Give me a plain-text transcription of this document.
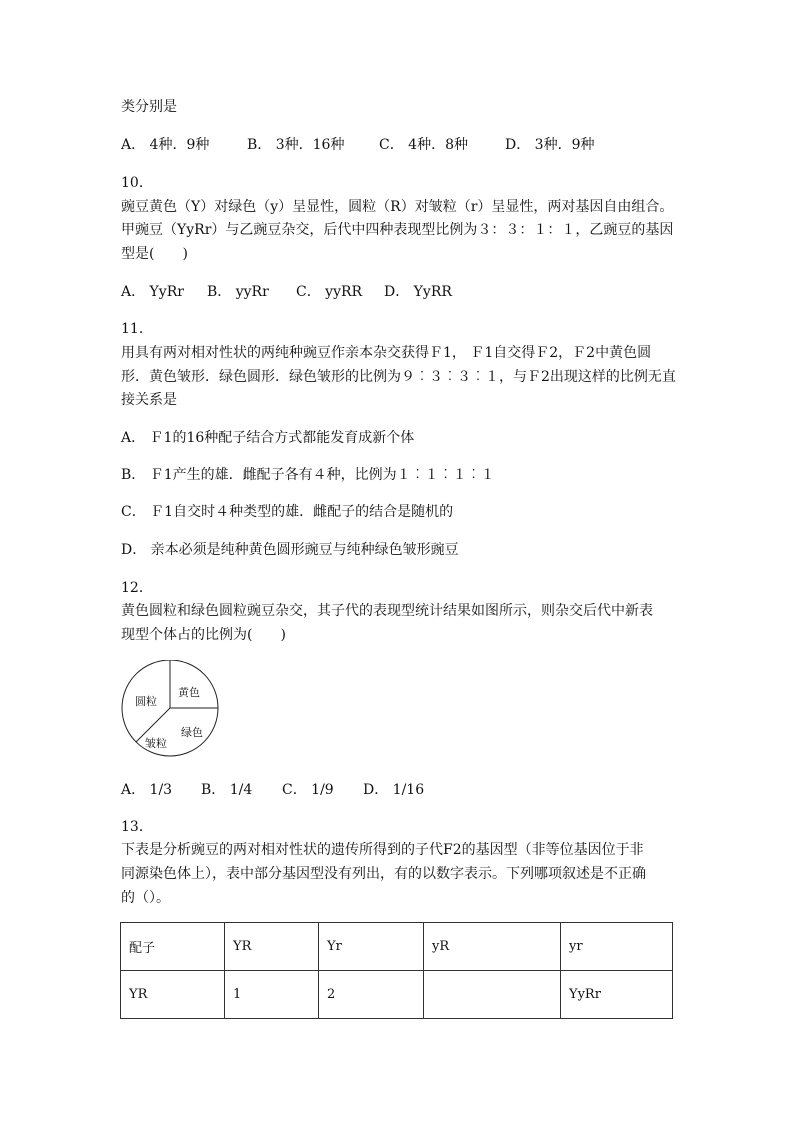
类分别是
A． 4种．9种	B． 3种．16种 C． 4种．8种	D． 3种．9种
10．
豌豆黄色（Y）对绿色（y）呈显性，圆粒（R）对皱粒（r）呈显性，两对基因自由组合。
甲豌豆（YyRr）与乙豌豆杂交，后代中四种表现型比例为３：３：１：１，乙豌豆的基因
型是(　　)
A． YyRr B． yyRr C． yyRR D． YyRR
11．
用具有两对相对性状的两纯种豌豆作亲本杂交获得Ｆ1， Ｆ1自交得Ｆ2，Ｆ2中黄色圆
形．黄色皱形．绿色圆形．绿色皱形的比例为９︰３︰３︰１，与Ｆ2出现这样的比例无直
接关系是
A． Ｆ1的16种配子结合方式都能发育成新个体
B． Ｆ1产生的雄．雌配子各有４种，比例为１︰１︰１︰１
C． Ｆ1自交时４种类型的雄．雌配子的结合是随机的
D． 亲本必须是纯种黄色圆形豌豆与纯种绿色皱形豌豆
12．
黄色圆粒和绿色圆粒豌豆杂交，其子代的表现型统计结果如图所示，则杂交后代中新表
现型个体占的比例为(　　)
黄色
绿色
皱粒
圆粒
A． 1/3 B． 1/4 C． 1/9 D． 1/16
13．
下表是分析豌豆的两对相对性状的遗传所得到的子代F2的基因型（非等位基因位于非
同源染色体上），表中部分基因型没有列出，有的以数字表示。下列哪项叙述是不正确
的（）。
配子	YR	Yr	yR	yr
YR	1	2		YyRr
